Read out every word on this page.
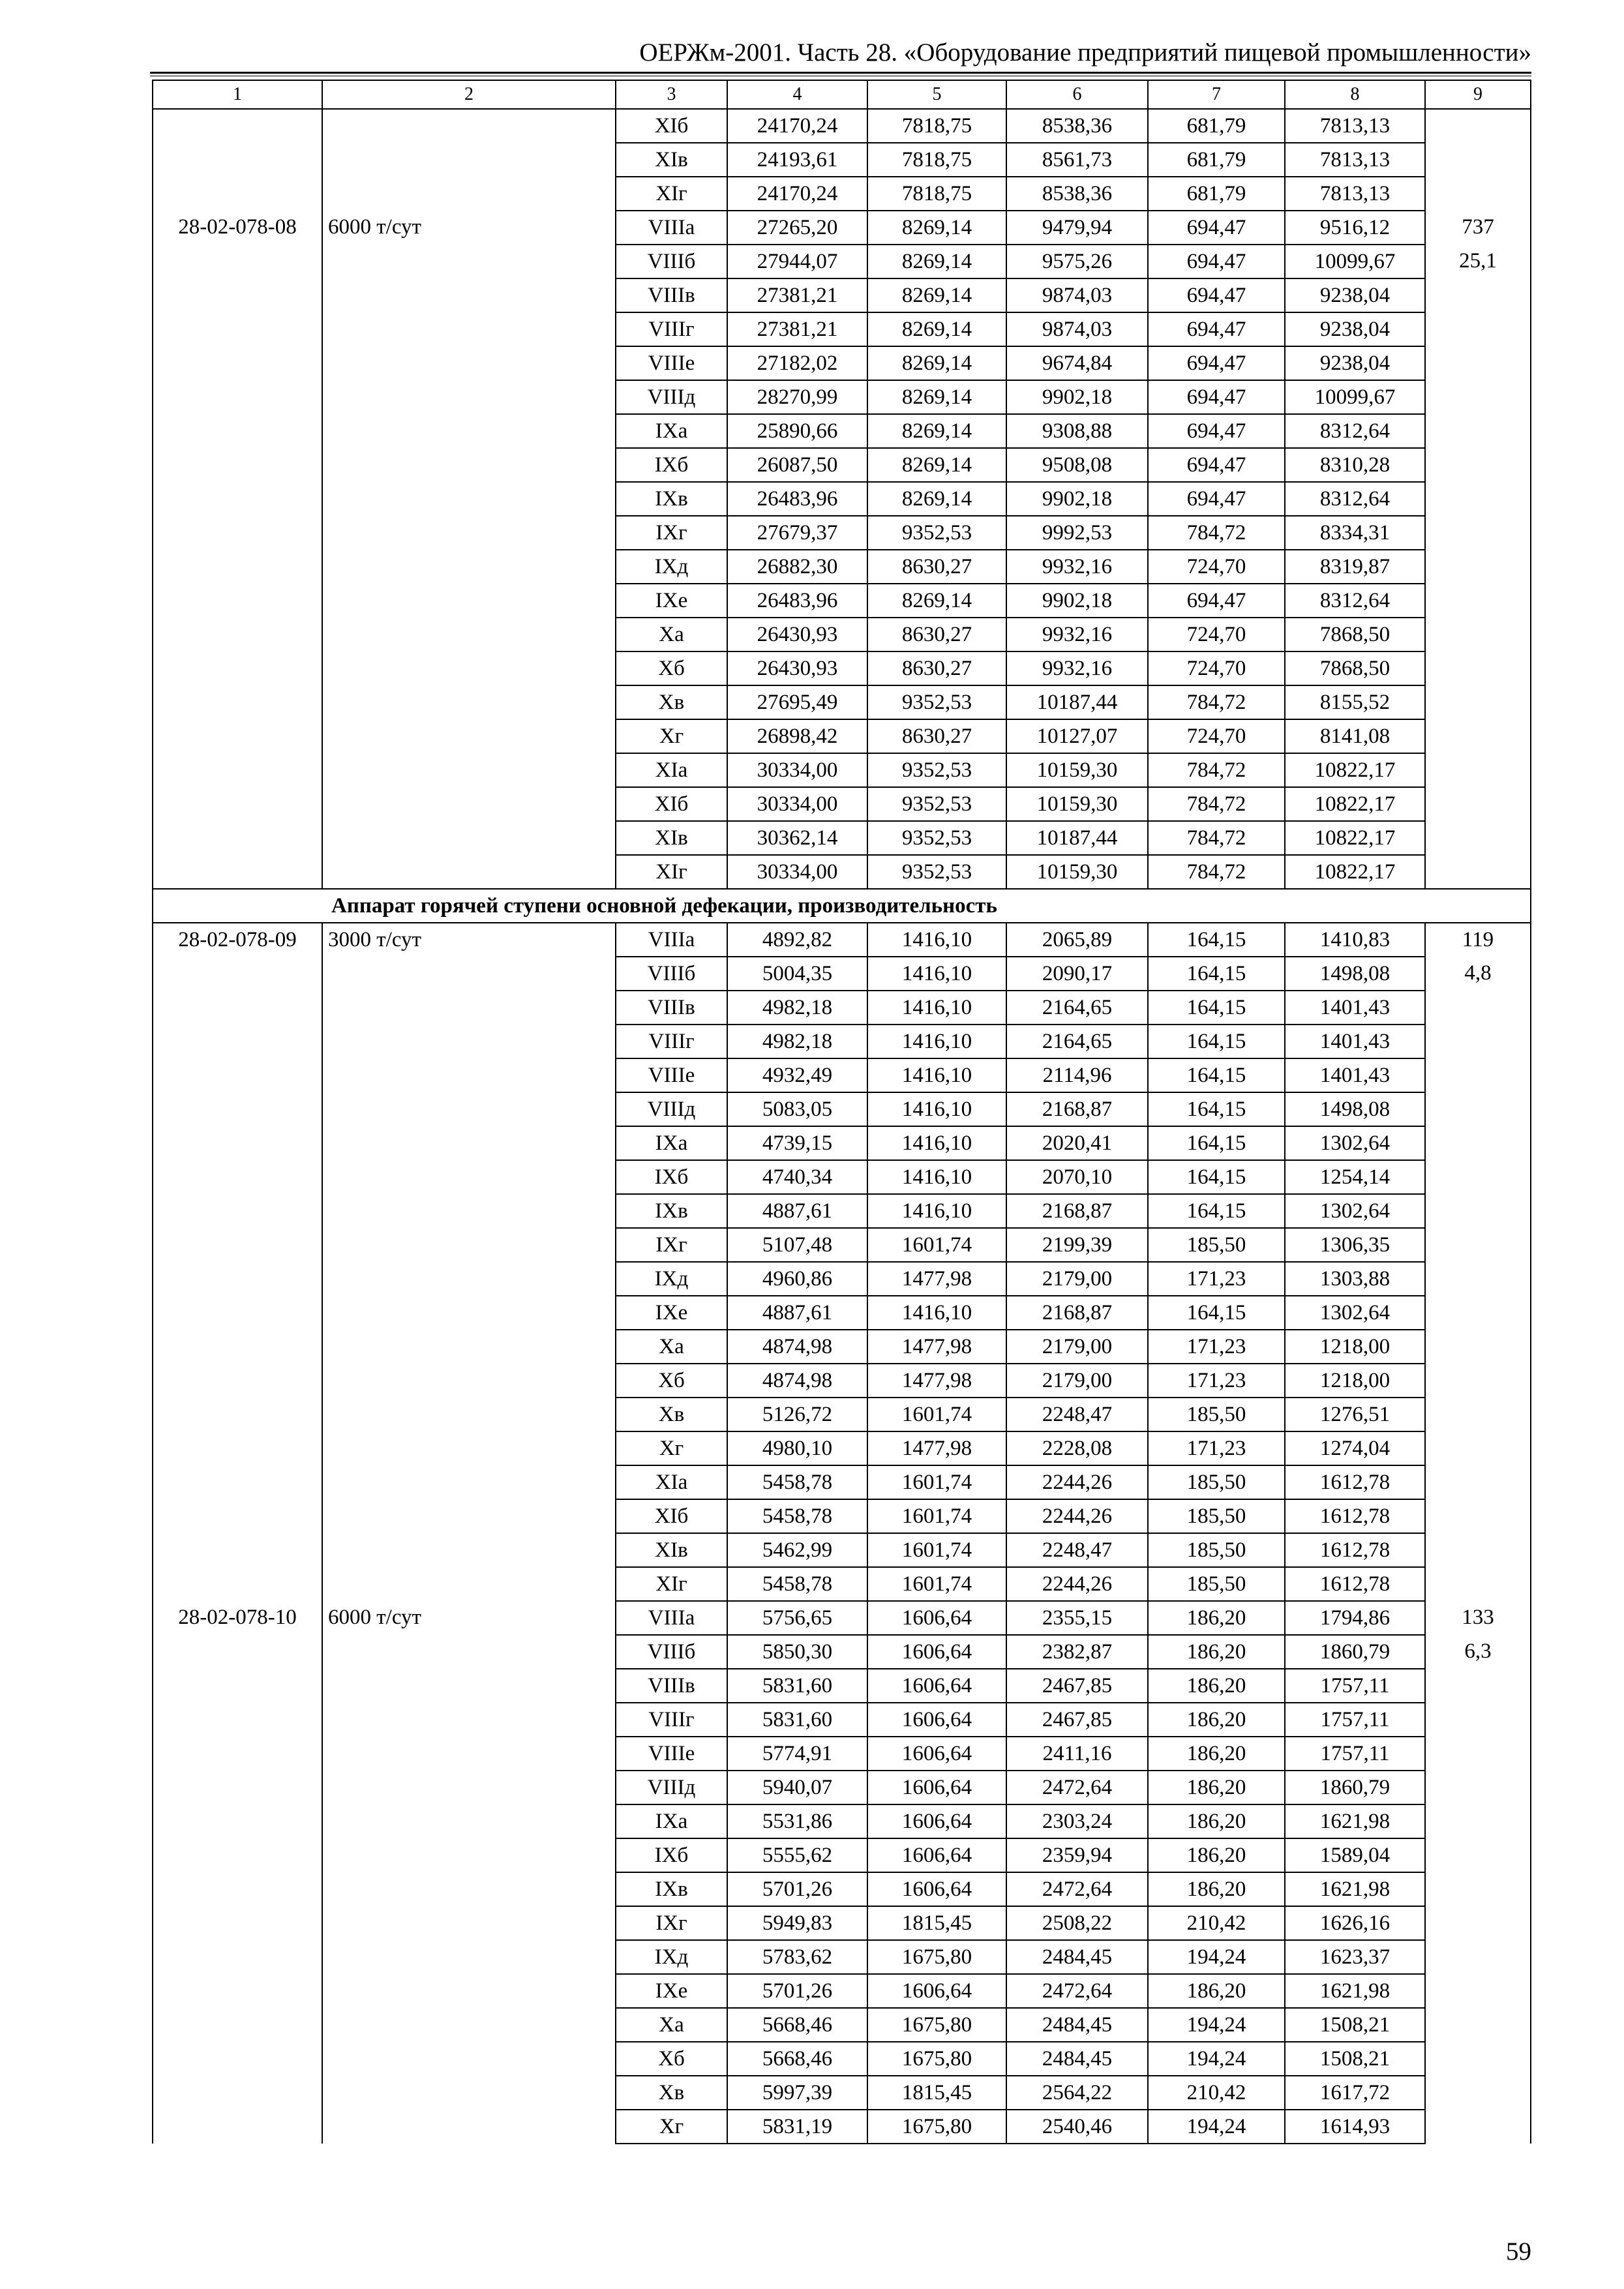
ОЕРЖм-2001. Часть 28. «Оборудование предприятий пищевой промышленности»
1	2	3	4	5	6	7	8	9
		XIб	24170,24	7818,75	8538,36	681,79	7813,13	
		XIв	24193,61	7818,75	8561,73	681,79	7813,13	
		XIг	24170,24	7818,75	8538,36	681,79	7813,13	
28-02-078-08	6000 т/сут	VIIIа	27265,20	8269,14	9479,94	694,47	9516,12	737
		VIIIб	27944,07	8269,14	9575,26	694,47	10099,67	25,1
		VIIIв	27381,21	8269,14	9874,03	694,47	9238,04	
		VIIIг	27381,21	8269,14	9874,03	694,47	9238,04	
		VIIIе	27182,02	8269,14	9674,84	694,47	9238,04	
		VIIIд	28270,99	8269,14	9902,18	694,47	10099,67	
		IXа	25890,66	8269,14	9308,88	694,47	8312,64	
		IXб	26087,50	8269,14	9508,08	694,47	8310,28	
		IXв	26483,96	8269,14	9902,18	694,47	8312,64	
		IXг	27679,37	9352,53	9992,53	784,72	8334,31	
		IXд	26882,30	8630,27	9932,16	724,70	8319,87	
		IXе	26483,96	8269,14	9902,18	694,47	8312,64	
		Xа	26430,93	8630,27	9932,16	724,70	7868,50	
		Xб	26430,93	8630,27	9932,16	724,70	7868,50	
		Xв	27695,49	9352,53	10187,44	784,72	8155,52	
		Xг	26898,42	8630,27	10127,07	724,70	8141,08	
		XIа	30334,00	9352,53	10159,30	784,72	10822,17	
		XIб	30334,00	9352,53	10159,30	784,72	10822,17	
		XIв	30362,14	9352,53	10187,44	784,72	10822,17	
		XIг	30334,00	9352,53	10159,30	784,72	10822,17	
Аппарат горячей ступени основной дефекации, производительность								
28-02-078-09	3000 т/сут	VIIIа	4892,82	1416,10	2065,89	164,15	1410,83	119
		VIIIб	5004,35	1416,10	2090,17	164,15	1498,08	4,8
		VIIIв	4982,18	1416,10	2164,65	164,15	1401,43	
		VIIIг	4982,18	1416,10	2164,65	164,15	1401,43	
		VIIIе	4932,49	1416,10	2114,96	164,15	1401,43	
		VIIIд	5083,05	1416,10	2168,87	164,15	1498,08	
		IXа	4739,15	1416,10	2020,41	164,15	1302,64	
		IXб	4740,34	1416,10	2070,10	164,15	1254,14	
		IXв	4887,61	1416,10	2168,87	164,15	1302,64	
		IXг	5107,48	1601,74	2199,39	185,50	1306,35	
		IXд	4960,86	1477,98	2179,00	171,23	1303,88	
		IXе	4887,61	1416,10	2168,87	164,15	1302,64	
		Xа	4874,98	1477,98	2179,00	171,23	1218,00	
		Xб	4874,98	1477,98	2179,00	171,23	1218,00	
		Xв	5126,72	1601,74	2248,47	185,50	1276,51	
		Xг	4980,10	1477,98	2228,08	171,23	1274,04	
		XIа	5458,78	1601,74	2244,26	185,50	1612,78	
		XIб	5458,78	1601,74	2244,26	185,50	1612,78	
		XIв	5462,99	1601,74	2248,47	185,50	1612,78	
		XIг	5458,78	1601,74	2244,26	185,50	1612,78	
28-02-078-10	6000 т/сут	VIIIа	5756,65	1606,64	2355,15	186,20	1794,86	133
		VIIIб	5850,30	1606,64	2382,87	186,20	1860,79	6,3
		VIIIв	5831,60	1606,64	2467,85	186,20	1757,11	
		VIIIг	5831,60	1606,64	2467,85	186,20	1757,11	
		VIIIе	5774,91	1606,64	2411,16	186,20	1757,11	
		VIIIд	5940,07	1606,64	2472,64	186,20	1860,79	
		IXа	5531,86	1606,64	2303,24	186,20	1621,98	
		IXб	5555,62	1606,64	2359,94	186,20	1589,04	
		IXв	5701,26	1606,64	2472,64	186,20	1621,98	
		IXг	5949,83	1815,45	2508,22	210,42	1626,16	
		IXд	5783,62	1675,80	2484,45	194,24	1623,37	
		IXе	5701,26	1606,64	2472,64	186,20	1621,98	
		Xа	5668,46	1675,80	2484,45	194,24	1508,21	
		Xб	5668,46	1675,80	2484,45	194,24	1508,21	
		Xв	5997,39	1815,45	2564,22	210,42	1617,72	
		Xг	5831,19	1675,80	2540,46	194,24	1614,93	
59
